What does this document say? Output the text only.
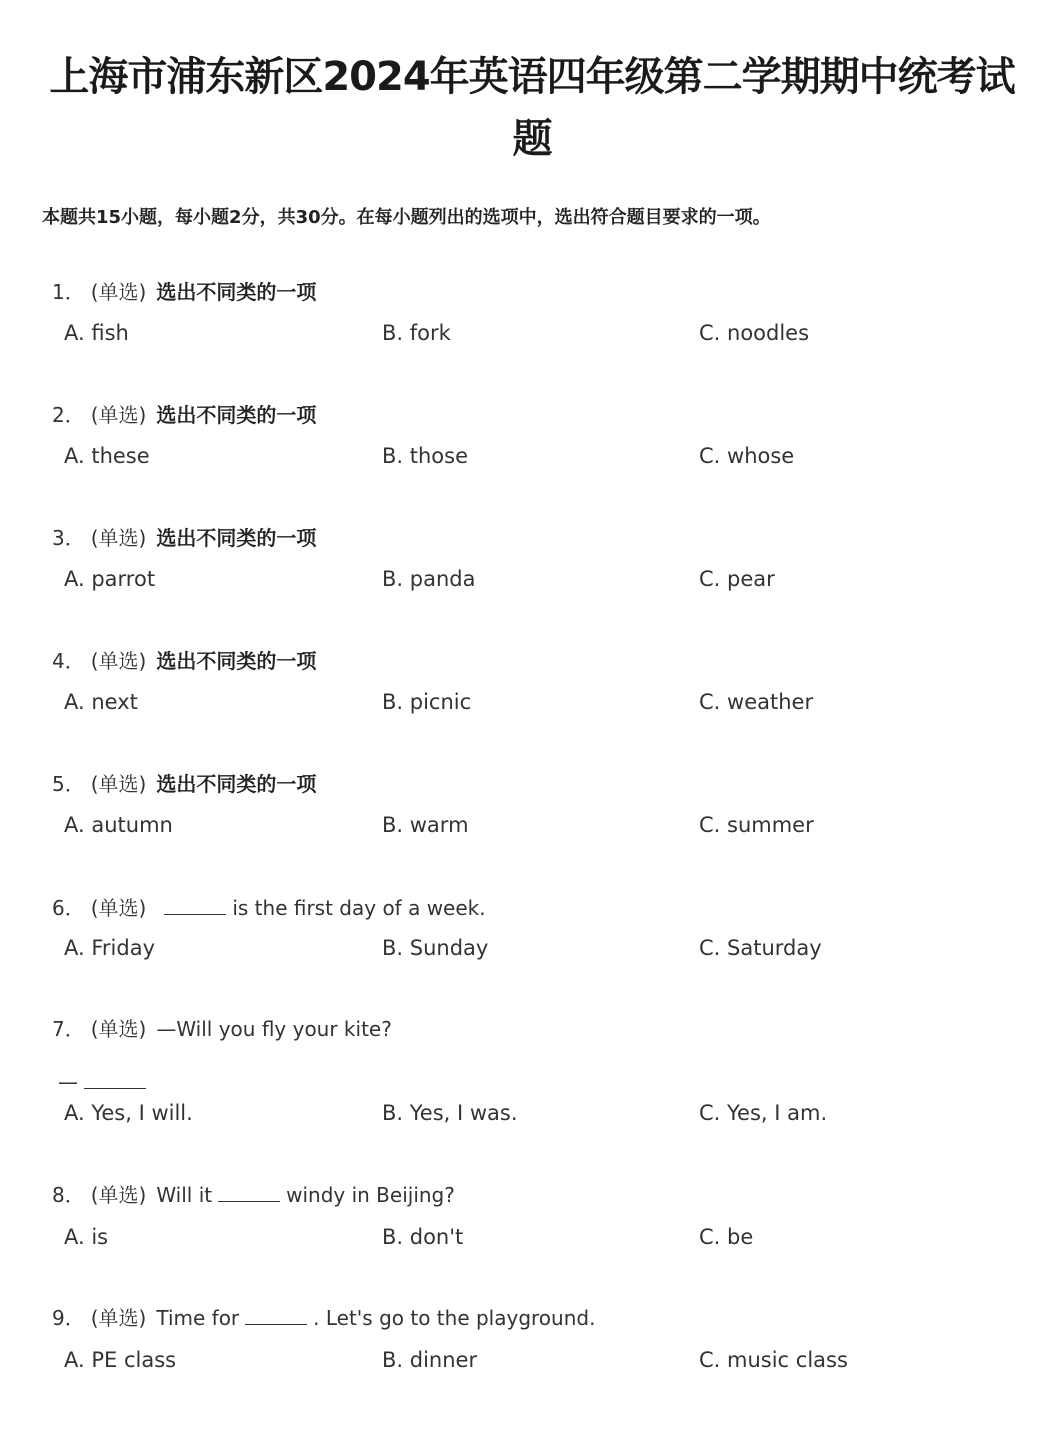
上海市浦东新区2024年英语四年级第二学期期中统考试题
本题共15小题，每小题2分，共30分。在每小题列出的选项中，选出符合题目要求的一项。
1． (单选) 选出不同类的一项
A. fish	B. fork	C. noodles
2． (单选) 选出不同类的一项
A. these	B. those	C. whose
3． (单选) 选出不同类的一项
A. parrot	B. panda	C. pear
4． (单选) 选出不同类的一项
A. next	B. picnic	C. weather
5． (单选) 选出不同类的一项
A. autumn	B. warm	C. summer
6． (单选)	is the first day of a week.
A. Friday	B. Sunday	C. Saturday
7． (单选) —Will you fly your kite?
—
A. Yes, I will.	B. Yes, I was.	C. Yes, I am.
8． (单选) Will it	windy in Beijing?
A. is	B. don't	C. be
9． (单选) Time for	. Let's go to the playground.
A. PE class	B. dinner	C. music class
